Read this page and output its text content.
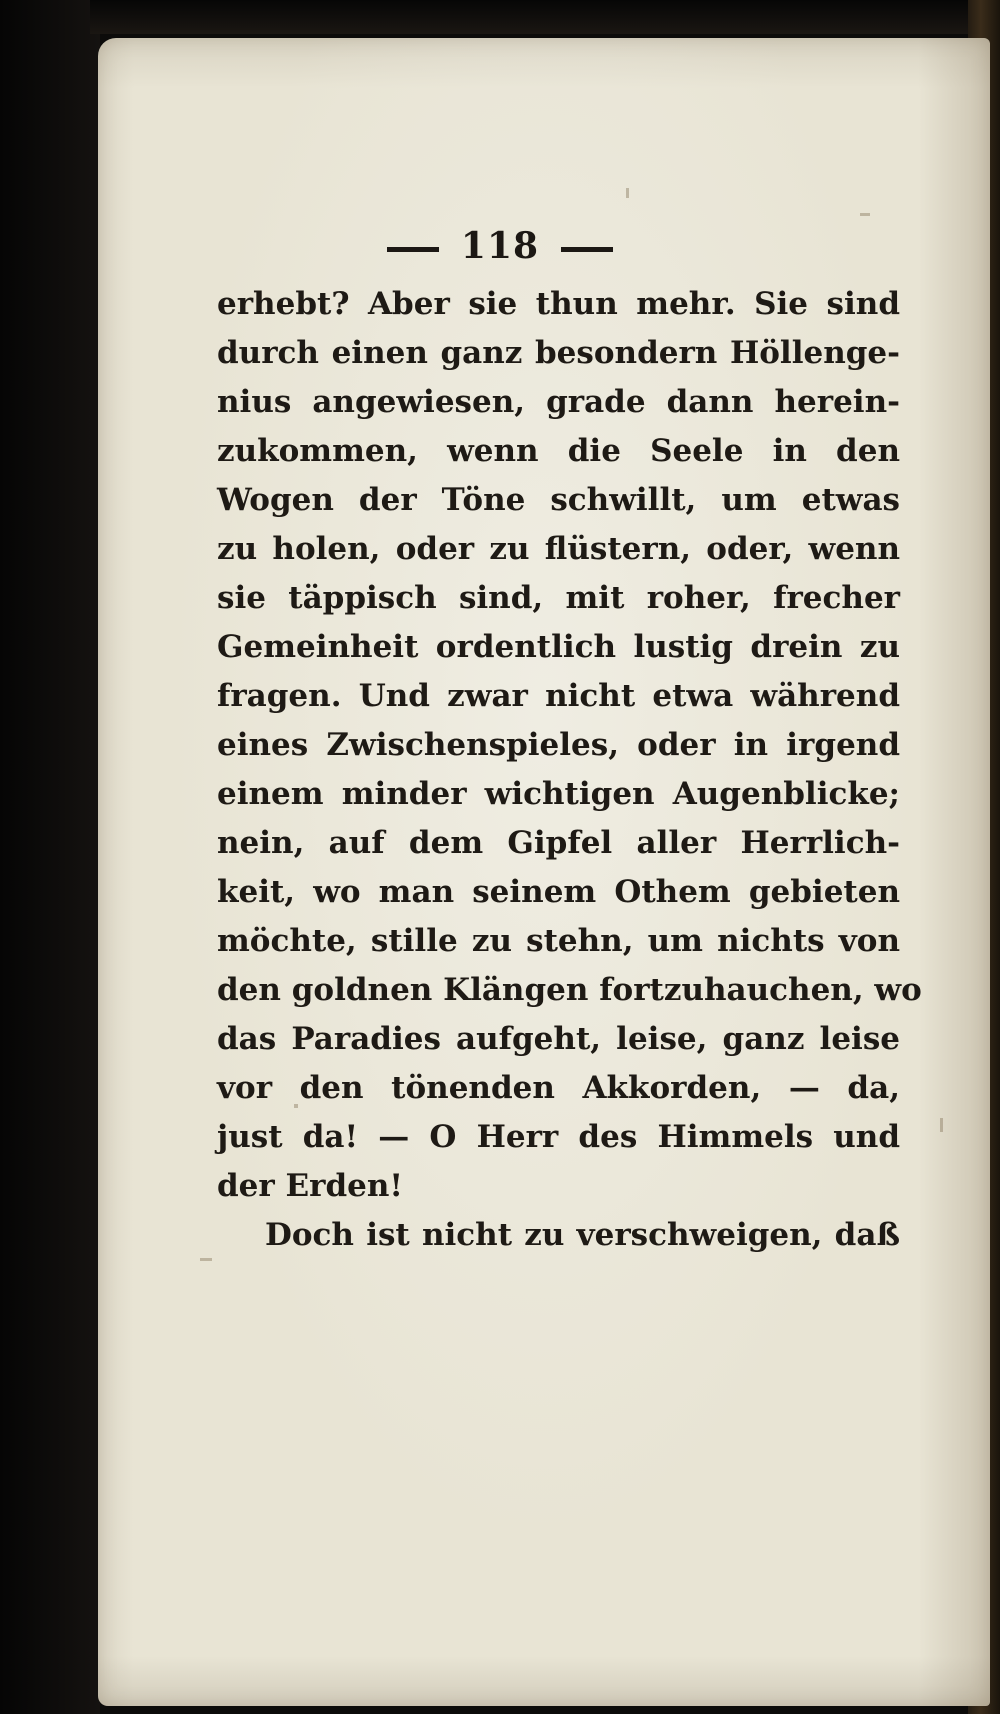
118
erhebt? Aber sie thun mehr. Sie sind
durch einen ganz besondern Höllenge-
nius angewiesen, grade dann herein-
zukommen, wenn die Seele in den
Wogen der Töne schwillt, um etwas
zu holen, oder zu flüstern, oder, wenn
sie täppisch sind, mit roher, frecher
Gemeinheit ordentlich lustig drein zu
fragen. Und zwar nicht etwa während
eines Zwischenspieles, oder in irgend
einem minder wichtigen Augenblicke;
nein, auf dem Gipfel aller Herrlich-
keit, wo man seinem Othem gebieten
möchte, stille zu stehn, um nichts von
den goldnen Klängen fortzuhauchen, wo
das Paradies aufgeht, leise, ganz leise
vor den tönenden Akkorden, — da,
just da! — O Herr des Himmels und
der Erden!
Doch ist nicht zu verschweigen, daß
